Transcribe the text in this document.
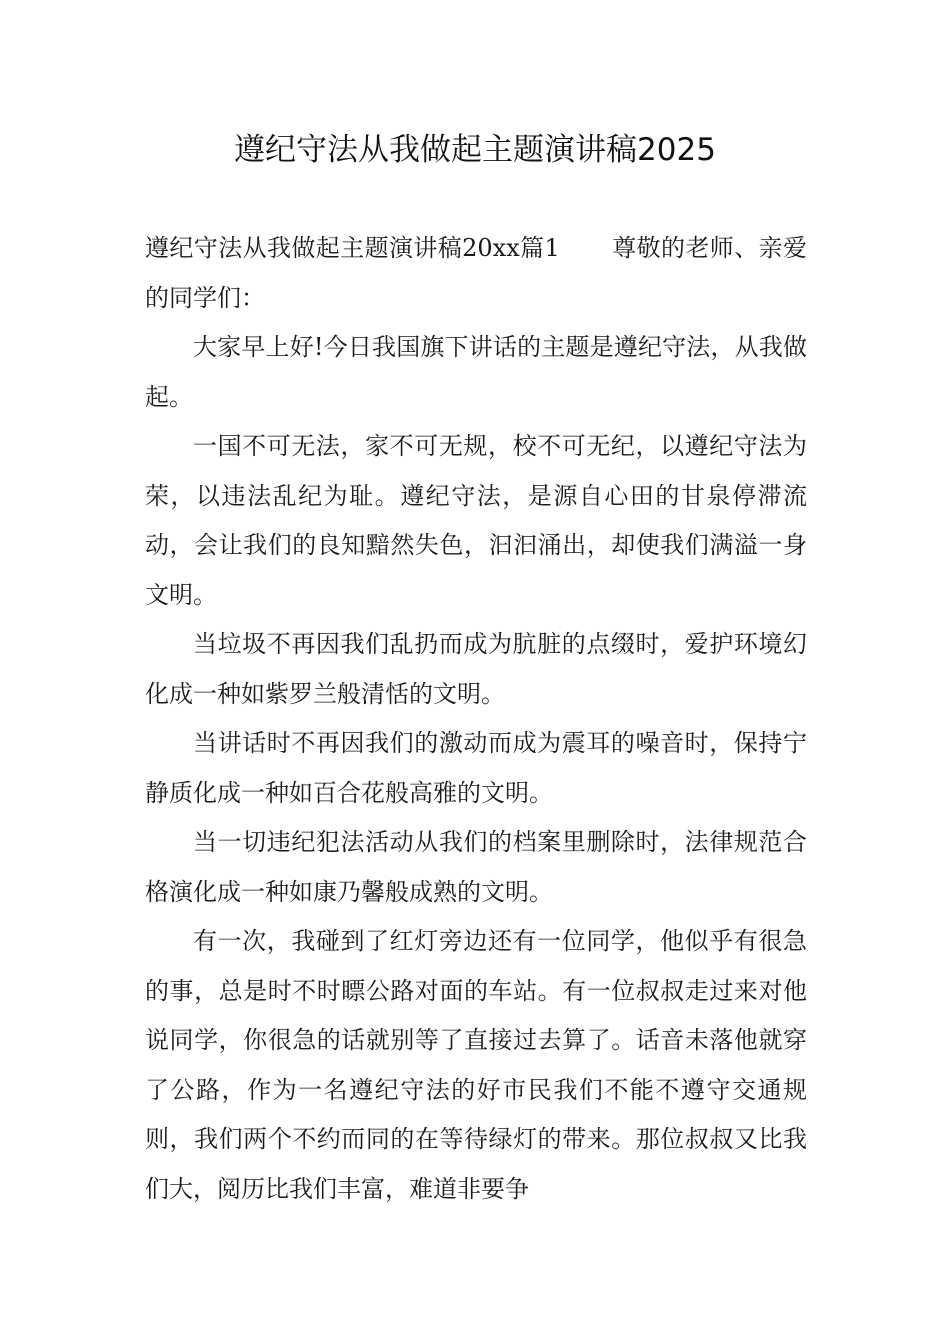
遵纪守法从我做起主题演讲稿2025

遵纪守法从我做起主题演讲稿20xx篇1 尊敬的老师、亲爱的同学们：

大家早上好!今日我国旗下讲话的主题是遵纪守法，从我做起。

一国不可无法，家不可无规，校不可无纪，以遵纪守法为荣，以违法乱纪为耻。遵纪守法，是源自心田的甘泉停滞流动，会让我们的良知黯然失色，汩汩涌出，却使我们满溢一身文明。

当垃圾不再因我们乱扔而成为肮脏的点缀时，爱护环境幻化成一种如紫罗兰般清恬的文明。

当讲话时不再因我们的激动而成为震耳的噪音时，保持宁静质化成一种如百合花般高雅的文明。

当一切违纪犯法活动从我们的档案里删除时，法律规范合格演化成一种如康乃馨般成熟的文明。

有一次，我碰到了红灯旁边还有一位同学，他似乎有很急的事，总是时不时瞟公路对面的车站。有一位叔叔走过来对他说同学，你很急的话就别等了直接过去算了。话音未落他就穿了公路，作为一名遵纪守法的好市民我们不能不遵守交通规则，我们两个不约而同的在等待绿灯的带来。那位叔叔又比我们大，阅历比我们丰富，难道非要争
